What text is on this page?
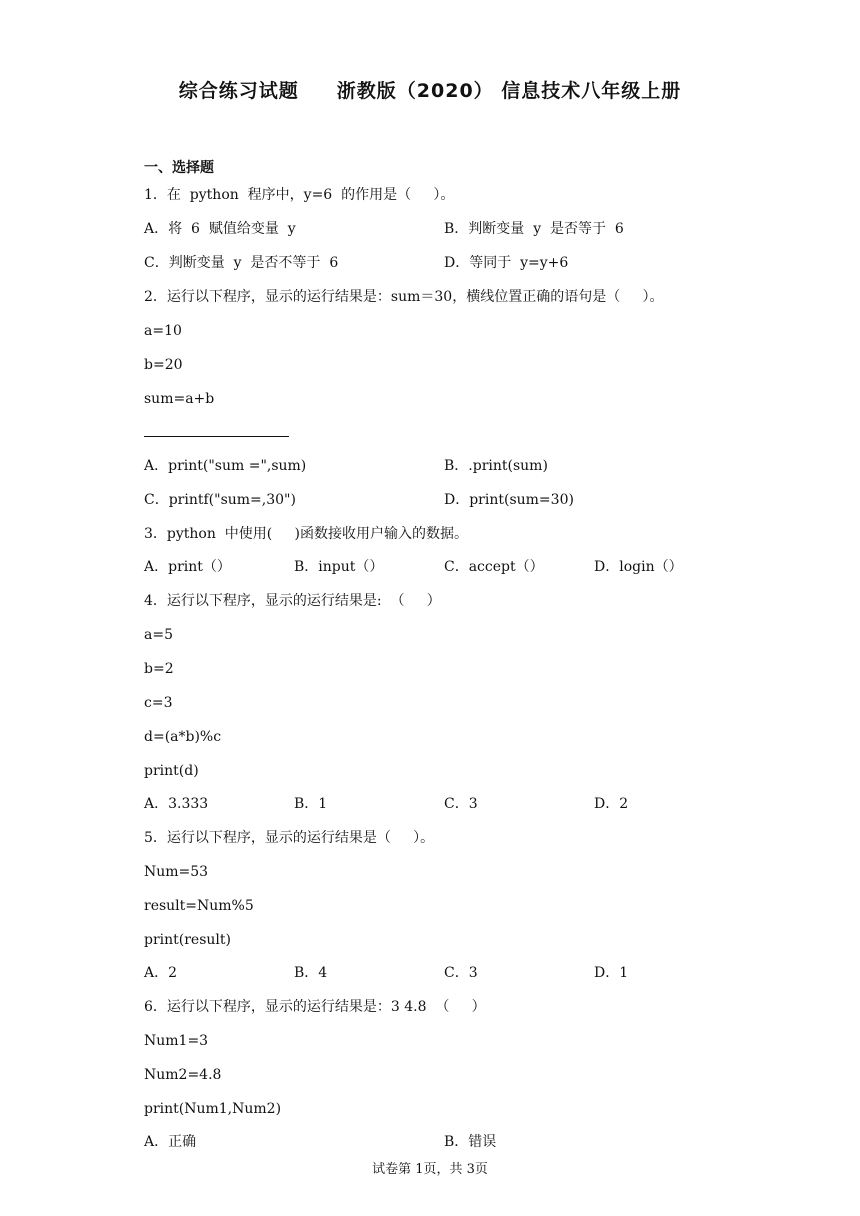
综合练习试题     浙教版（2020） 信息技术八年级上册
一、选择题
1．在  python  程序中，y=6  的作用是（     ）。
A．将  6  赋值给变量  y	B．判断变量  y  是否等于  6
C．判断变量  y  是否不等于  6	D．等同于  y=y+6
2．运行以下程序，显示的运行结果是：sum＝30，横线位置正确的语句是（     ）。
a=10
b=20
sum=a+b
A．print("sum =",sum)	B．.print(sum)
C．printf("sum=,30")	D．print(sum=30)
3．python  中使用(     )函数接收用户输入的数据。
A．print（）	B．input（）	C．accept（）	D．login（）
4．运行以下程序，显示的运行结果是:  （     ）
a=5
b=2
c=3
d=(a*b)%c
print(d)
A．3.333	B．1	C．3	D．2
5．运行以下程序，显示的运行结果是（     ）。
Num=53
result=Num%5
print(result)
A．2	B．4	C．3	D．1
6．运行以下程序，显示的运行结果是：3 4.8  （     ）
Num1=3
Num2=4.8
print(Num1,Num2)
A．正确	B．错误
试卷第 1页，共 3页
